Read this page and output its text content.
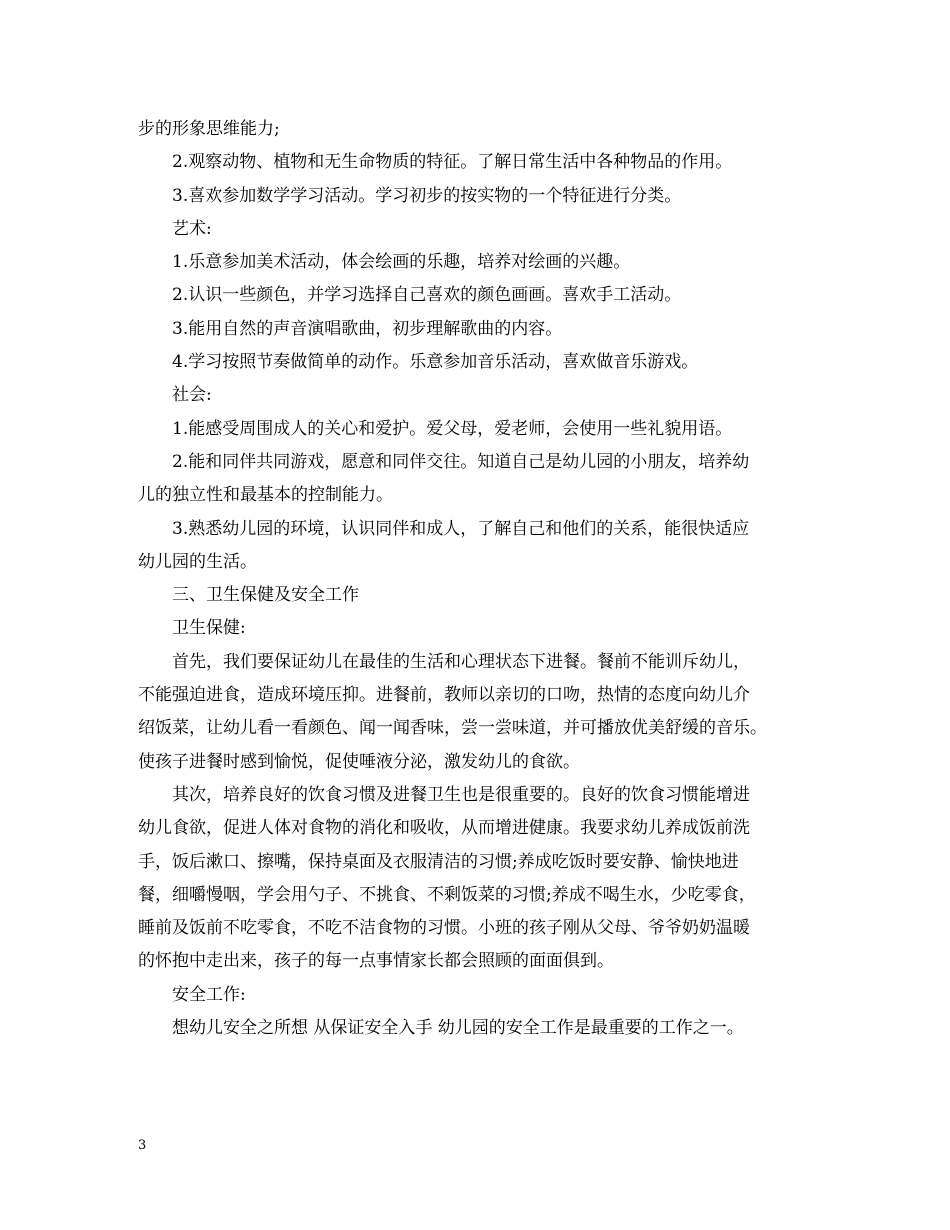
步的形象思维能力;

2.观察动物、植物和无生命物质的特征。了解日常生活中各种物品的作用。

3.喜欢参加数学学习活动。学习初步的按实物的一个特征进行分类。

艺术:

1.乐意参加美术活动，体会绘画的乐趣，培养对绘画的兴趣。

2.认识一些颜色，并学习选择自己喜欢的颜色画画。喜欢手工活动。

3.能用自然的声音演唱歌曲，初步理解歌曲的内容。

4.学习按照节奏做简单的动作。乐意参加音乐活动，喜欢做音乐游戏。

社会:

1.能感受周围成人的关心和爱护。爱父母，爱老师，会使用一些礼貌用语。

2.能和同伴共同游戏，愿意和同伴交往。知道自己是幼儿园的小朋友，培养幼

儿的独立性和最基本的控制能力。

3.熟悉幼儿园的环境，认识同伴和成人，了解自己和他们的关系，能很快适应

幼儿园的生活。

三、卫生保健及安全工作

卫生保健:

首先，我们要保证幼儿在最佳的生活和心理状态下进餐。餐前不能训斥幼儿，

不能强迫进食，造成环境压抑。进餐前，教师以亲切的口吻，热情的态度向幼儿介

绍饭菜，让幼儿看一看颜色、闻一闻香味，尝一尝味道，并可播放优美舒缓的音乐。

使孩子进餐时感到愉悦，促使唾液分泌，激发幼儿的食欲。

其次，培养良好的饮食习惯及进餐卫生也是很重要的。良好的饮食习惯能增进

幼儿食欲，促进人体对食物的消化和吸收，从而增进健康。我要求幼儿养成饭前洗

手，饭后漱口、擦嘴，保持桌面及衣服清洁的习惯;养成吃饭时要安静、愉快地进

餐，细嚼慢咽，学会用勺子、不挑食、不剩饭菜的习惯;养成不喝生水，少吃零食，

睡前及饭前不吃零食，不吃不洁食物的习惯。小班的孩子刚从父母、爷爷奶奶温暖

的怀抱中走出来，孩子的每一点事情家长都会照顾的面面俱到。

安全工作:

想幼儿安全之所想 从保证安全入手 幼儿园的安全工作是最重要的工作之一。

3
